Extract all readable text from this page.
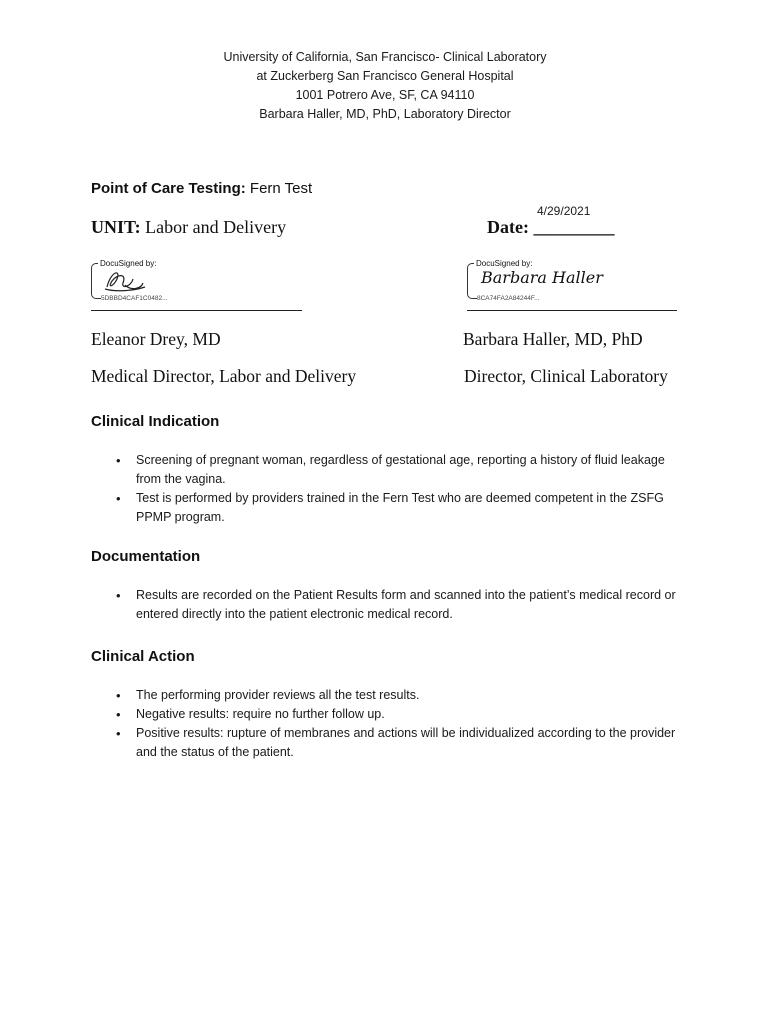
University of California, San Francisco- Clinical Laboratory
at Zuckerberg San Francisco General Hospital
1001 Potrero Ave, SF, CA 94110
Barbara Haller, MD, PhD, Laboratory Director
Point of Care Testing: Fern Test
4/29/2021
UNIT: Labor and Delivery	Date: _________
DocuSigned by:
5DBBD4CAF1C0482...
DocuSigned by:
Barbara Haller
8CA74FA2A84244F...
Eleanor Drey, MD	Barbara Haller, MD, PhD
Medical Director, Labor and Delivery	Director, Clinical Laboratory
Clinical Indication
• Screening of pregnant woman, regardless of gestational age, reporting a history of fluid leakage from the vagina.
• Test is performed by providers trained in the Fern Test who are deemed competent in the ZSFG PPMP program.
Documentation
• Results are recorded on the Patient Results form and scanned into the patient’s medical record or entered directly into the patient electronic medical record.
Clinical Action
• The performing provider reviews all the test results.
• Negative results: require no further follow up.
• Positive results: rupture of membranes and actions will be individualized according to the provider and the status of the patient.
